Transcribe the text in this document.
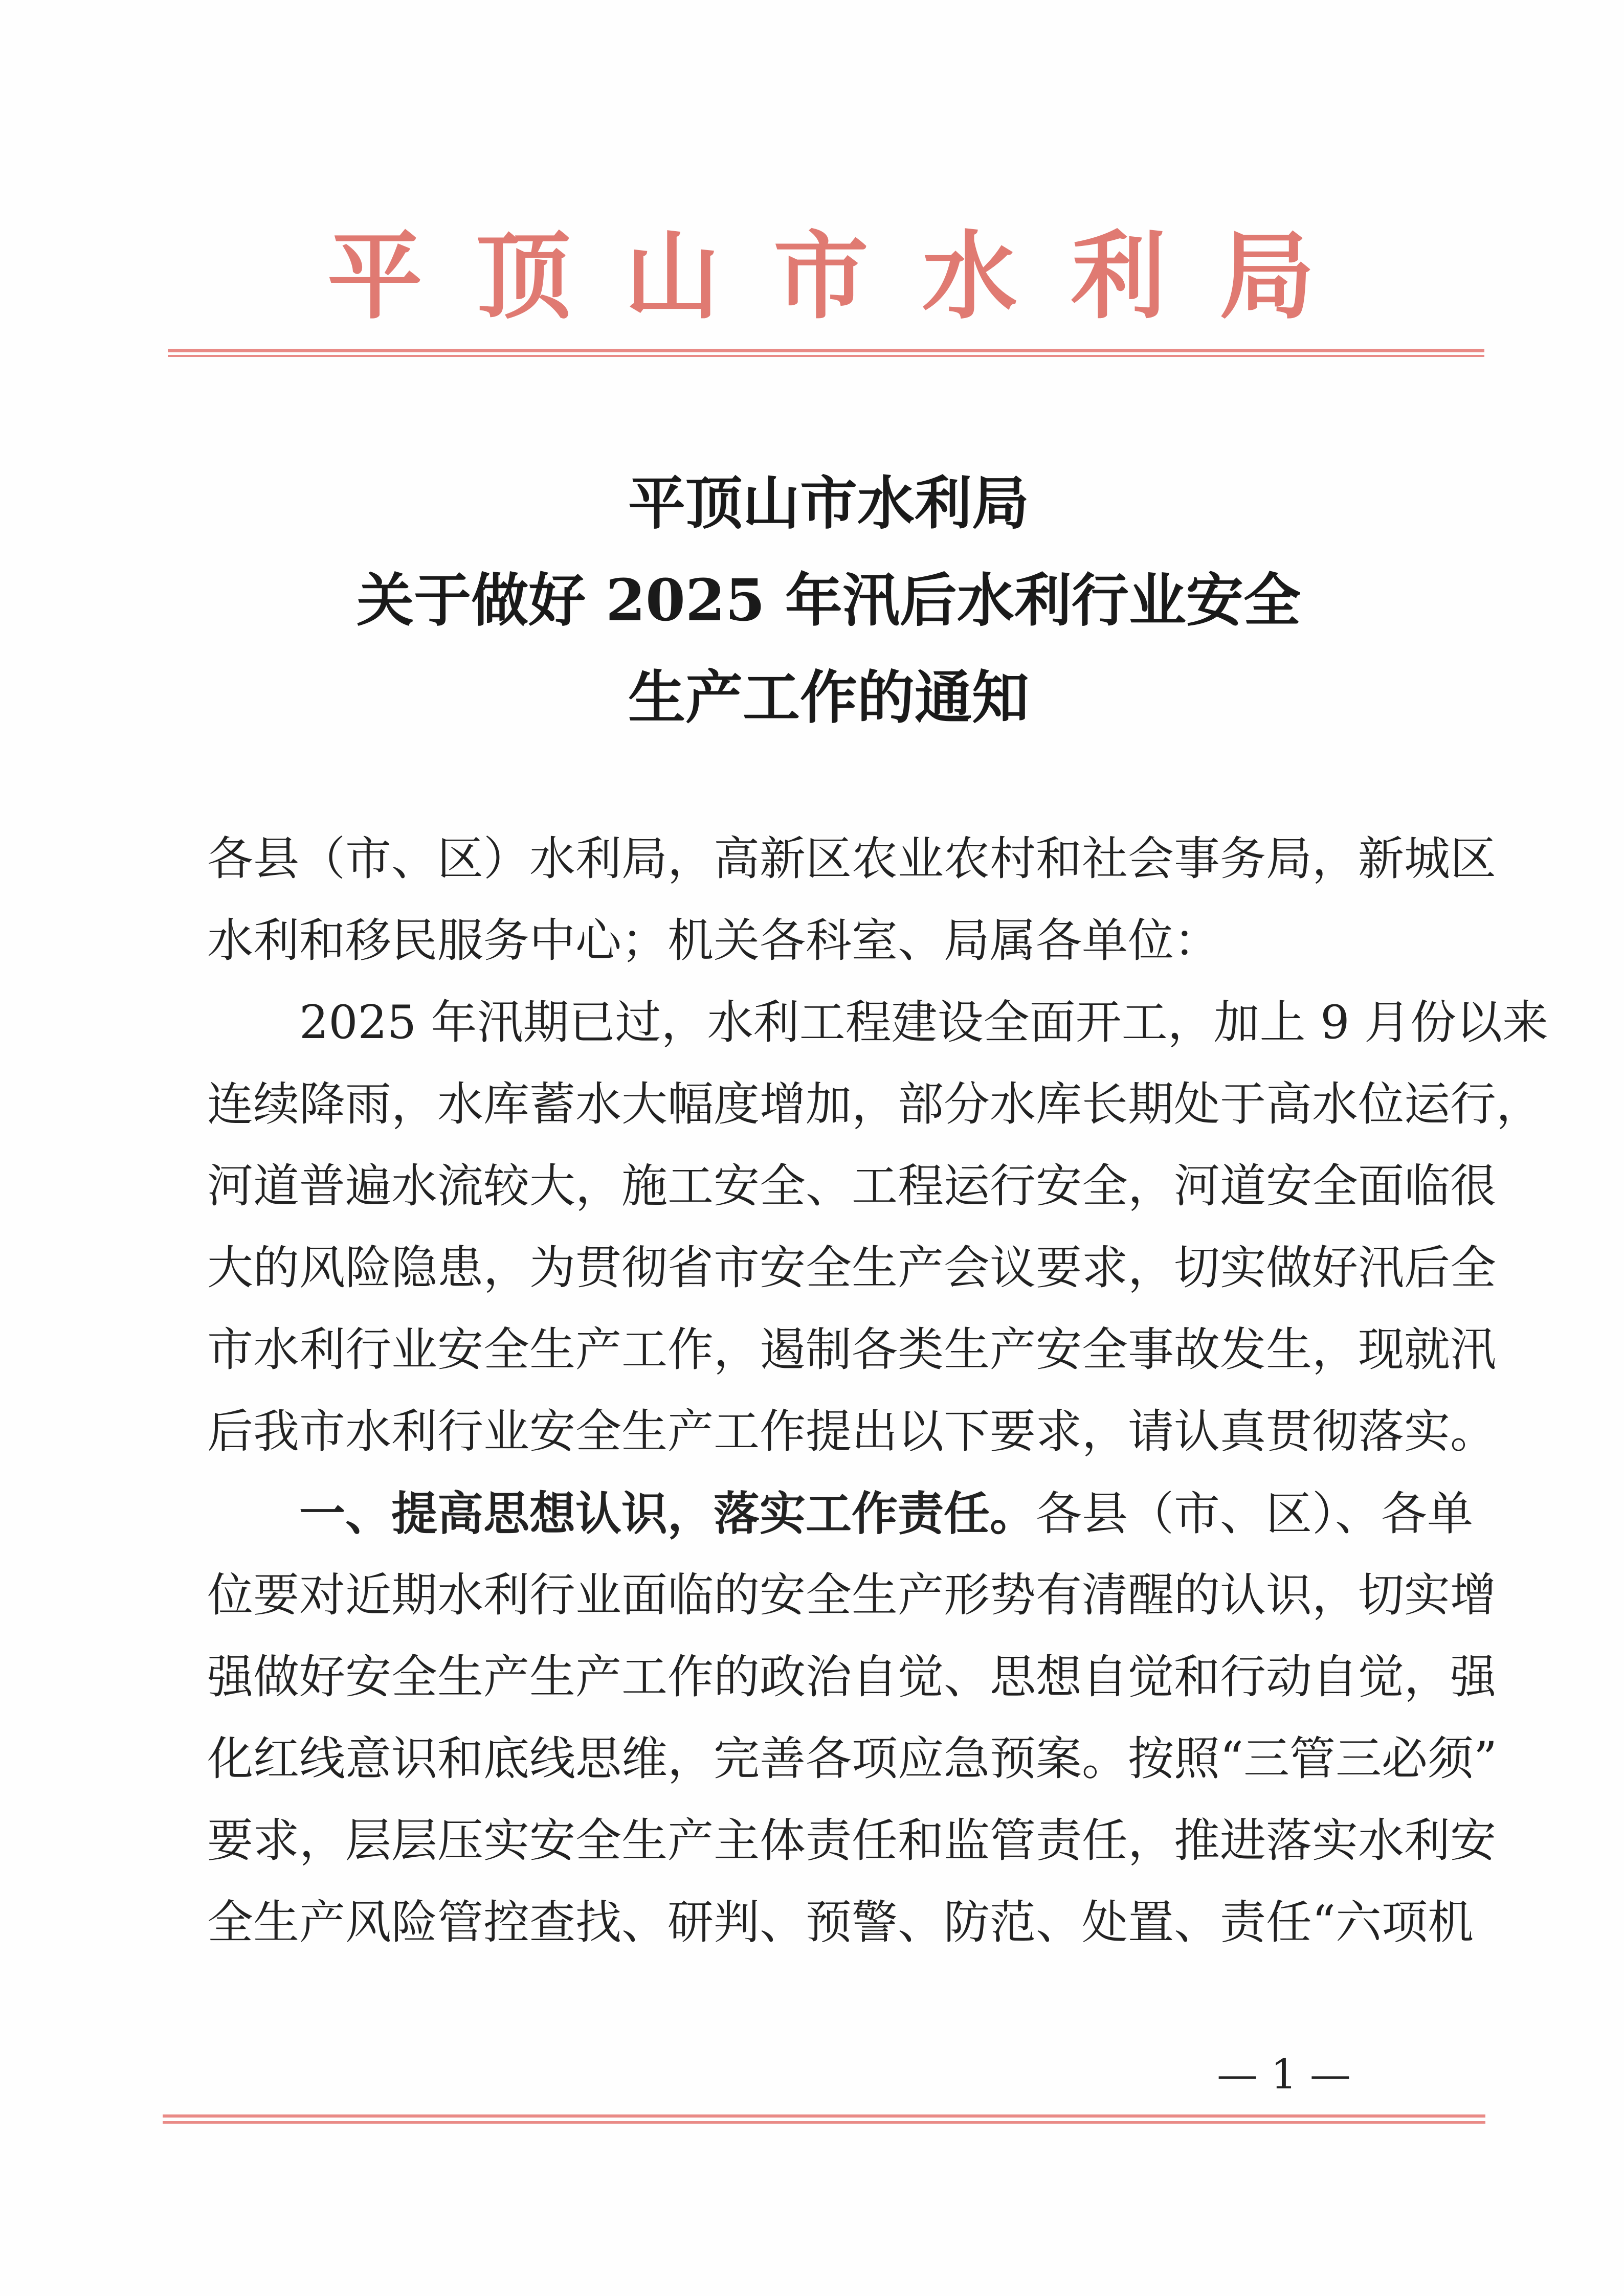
平 顶 山 市 水 利 局
平顶山市水利局
关于做好 2025 年汛后水利行业安全
生产工作的通知
各县（市、区）水利局，高新区农业农村和社会事务局，新城区
水利和移民服务中心；机关各科室、局属各单位：
　　2025 年汛期已过，水利工程建设全面开工，加上 9 月份以来
连续降雨，水库蓄水大幅度增加，部分水库长期处于高水位运行，
河道普遍水流较大，施工安全、工程运行安全，河道安全面临很
大的风险隐患，为贯彻省市安全生产会议要求，切实做好汛后全
市水利行业安全生产工作，遏制各类生产安全事故发生，现就汛
后我市水利行业安全生产工作提出以下要求，请认真贯彻落实。
　　一、提高思想认识，落实工作责任。各县（市、区）、各单
位要对近期水利行业面临的安全生产形势有清醒的认识，切实增
强做好安全生产生产工作的政治自觉、思想自觉和行动自觉，强
化红线意识和底线思维，完善各项应急预案。按照“三管三必须”
要求，层层压实安全生产主体责任和监管责任，推进落实水利安
全生产风险管控查找、研判、预警、防范、处置、责任“六项机
— 1 —
